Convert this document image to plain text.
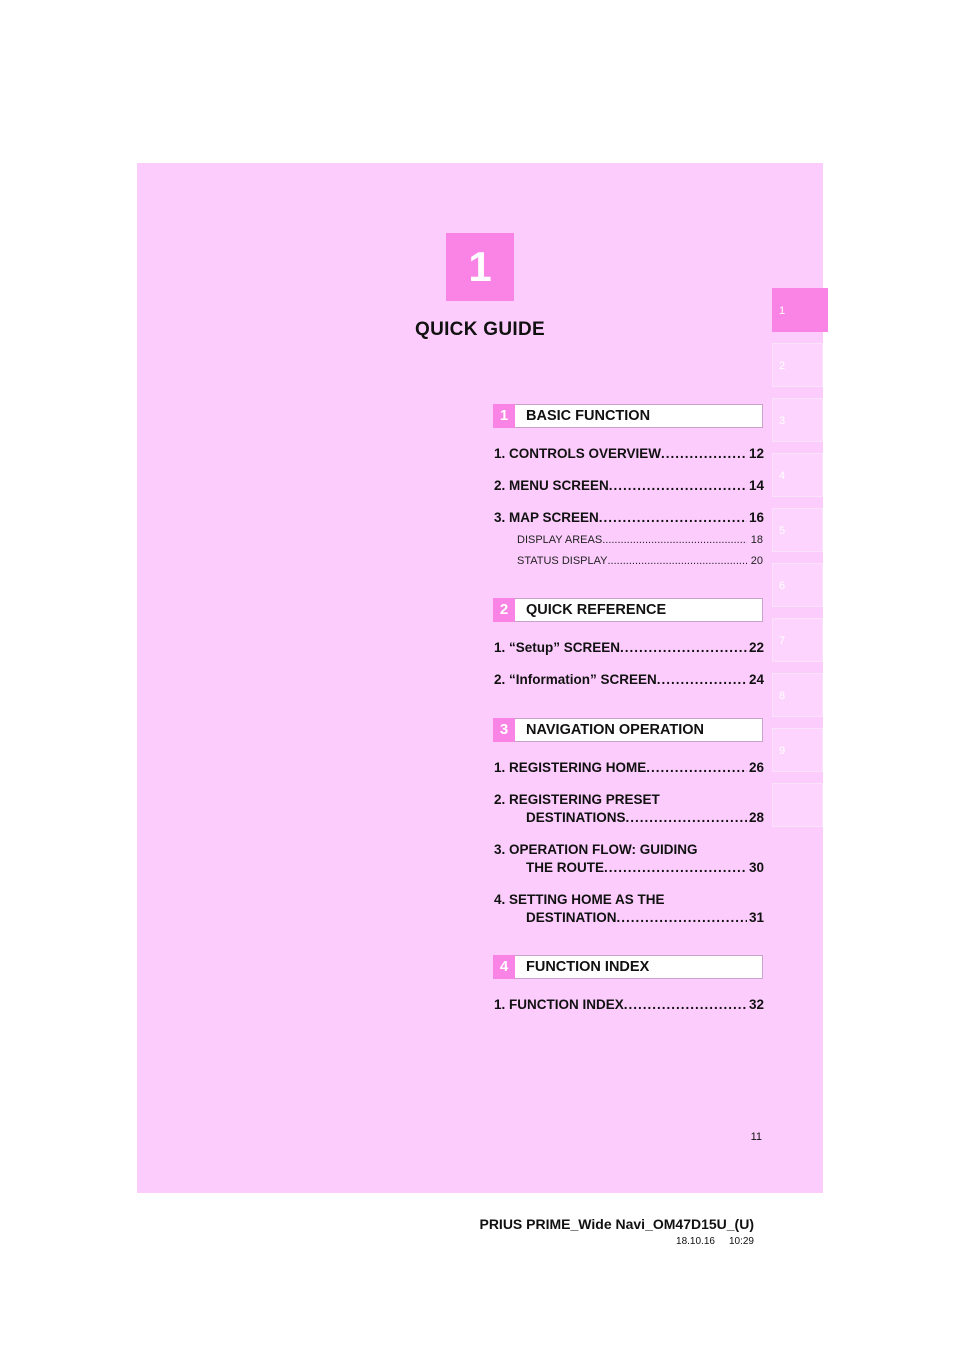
1
QUICK GUIDE
1
2
3
4
5
6
7
8
9
1	BASIC FUNCTION
1. CONTROLS OVERVIEW .....	12
2. MENU SCREEN .....	14
3. MAP SCREEN .....	16
DISPLAY AREAS .....	18
STATUS DISPLAY .....	20
2	QUICK REFERENCE
1. “Setup” SCREEN .....	22
2. “Information” SCREEN .....	24
3	NAVIGATION OPERATION
1. REGISTERING HOME .....	26
2. REGISTERING PRESET
DESTINATIONS .....	28
3. OPERATION FLOW: GUIDING
THE ROUTE .....	30
4. SETTING HOME AS THE
DESTINATION .....	31
4	FUNCTION INDEX
1. FUNCTION INDEX .....	32
11
PRIUS PRIME_Wide Navi_OM47D15U_(U)
18.10.16 10:29
